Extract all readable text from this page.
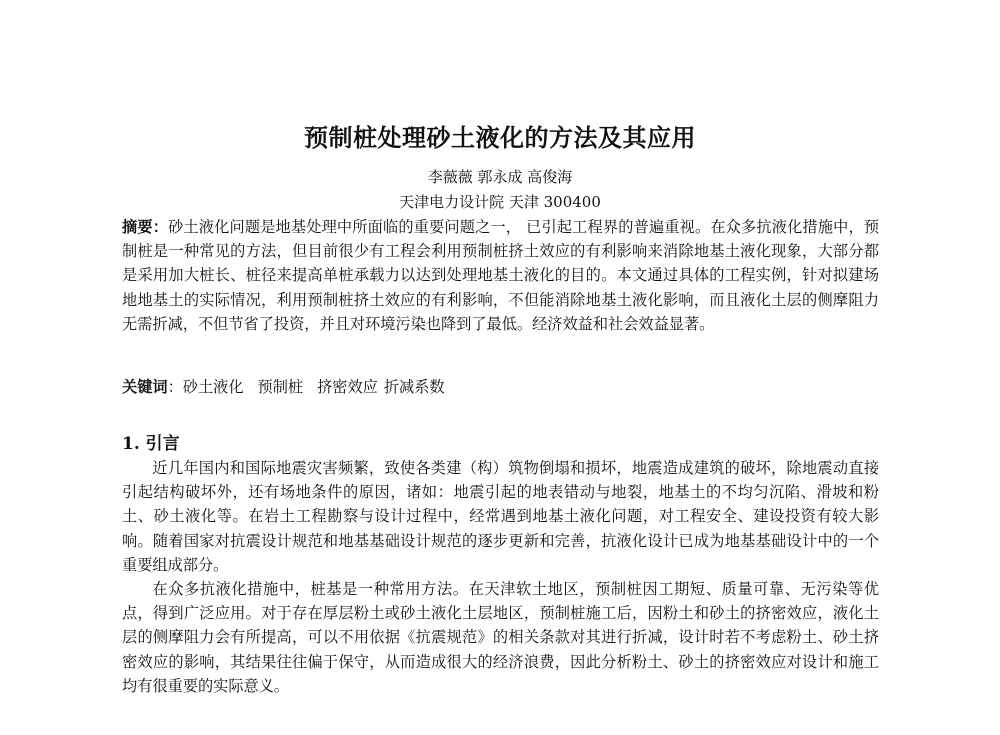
预制桩处理砂土液化的方法及其应用
李薇薇 郭永成 高俊海
天津电力设计院 天津 300400
摘要：砂土液化问题是地基处理中所面临的重要问题之一， 已引起工程界的普遍重视。在众多抗液化措施中，预制桩是一种常见的方法，但目前很少有工程会利用预制桩挤土效应的有利影响来消除地基土液化现象，大部分都是采用加大桩长、桩径来提高单桩承载力以达到处理地基土液化的目的。本文通过具体的工程实例，针对拟建场地地基土的实际情况，利用预制桩挤土效应的有利影响，不但能消除地基土液化影响，而且液化土层的侧摩阻力无需折减，不但节省了投资，并且对环境污染也降到了最低。经济效益和社会效益显著。
关键词：砂土液化 预制桩 挤密效应 折减系数
1. 引言

近几年国内和国际地震灾害频繁，致使各类建（构）筑物倒塌和损坏，地震造成建筑的破坏，除地震动直接引起结构破坏外，还有场地条件的原因，诸如：地震引起的地表错动与地裂，地基土的不均匀沉陷、滑坡和粉土、砂土液化等。在岩土工程勘察与设计过程中，经常遇到地基土液化问题，对工程安全、建设投资有较大影响。随着国家对抗震设计规范和地基基础设计规范的逐步更新和完善，抗液化设计已成为地基基础设计中的一个重要组成部分。

在众多抗液化措施中，桩基是一种常用方法。在天津软土地区，预制桩因工期短、质量可靠、无污染等优点，得到广泛应用。对于存在厚层粉土或砂土液化土层地区，预制桩施工后，因粉土和砂土的挤密效应，液化土层的侧摩阻力会有所提高，可以不用依据《抗震规范》的相关条款对其进行折减，设计时若不考虑粉土、砂土挤密效应的影响，其结果往往偏于保守，从而造成很大的经济浪费，因此分析粉土、砂土的挤密效应对设计和施工均有很重要的实际意义。
